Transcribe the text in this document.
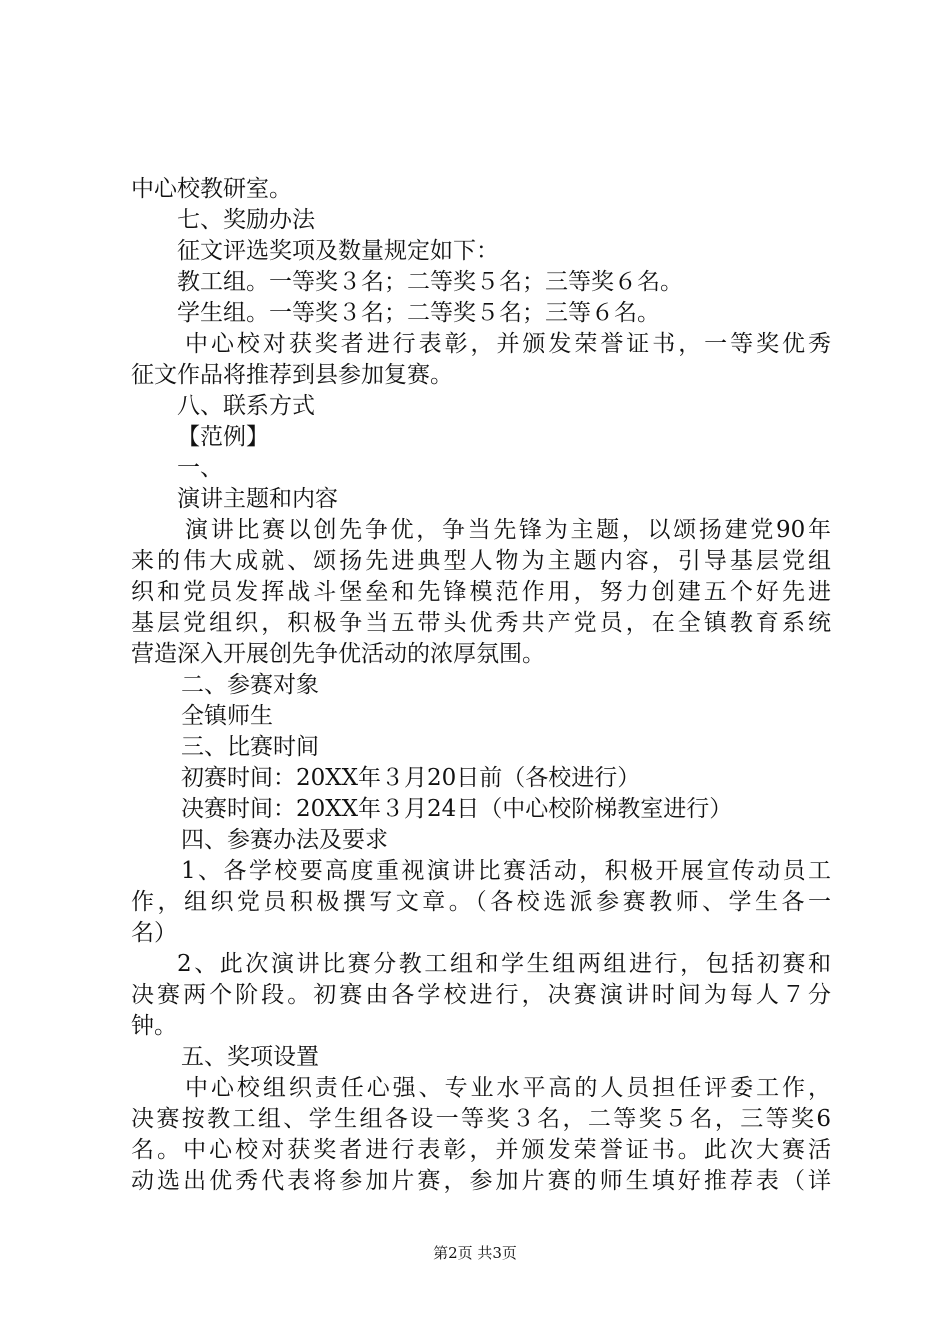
中心校教研室。
七、奖励办法
征文评选奖项及数量规定如下：
教工组。一等奖３名；二等奖５名；三等奖６名。
学生组。一等奖３名；二等奖５名；三等６名。
中心校对获奖者进行表彰，并颁发荣誉证书，一等奖优秀
征文作品将推荐到县参加复赛。
八、联系方式
【范例】
一、
演讲主题和内容
演讲比赛以创先争优，争当先锋为主题，以颂扬建党90年
来的伟大成就、颂扬先进典型人物为主题内容，引导基层党组
织和党员发挥战斗堡垒和先锋模范作用，努力创建五个好先进
基层党组织，积极争当五带头优秀共产党员，在全镇教育系统
营造深入开展创先争优活动的浓厚氛围。
二、参赛对象
全镇师生
三、比赛时间
初赛时间：20XX年３月20日前（各校进行）
决赛时间：20XX年３月24日（中心校阶梯教室进行）
四、参赛办法及要求
1、各学校要高度重视演讲比赛活动，积极开展宣传动员工
作，组织党员积极撰写文章。（各校选派参赛教师、学生各一
名）
2、此次演讲比赛分教工组和学生组两组进行，包括初赛和
决赛两个阶段。初赛由各学校进行，决赛演讲时间为每人７分
钟。
五、奖项设置
中心校组织责任心强、专业水平高的人员担任评委工作，
决赛按教工组、学生组各设一等奖３名，二等奖５名，三等奖6
名。中心校对获奖者进行表彰，并颁发荣誉证书。此次大赛活
动选出优秀代表将参加片赛，参加片赛的师生填好推荐表（详
第2页 共3页
